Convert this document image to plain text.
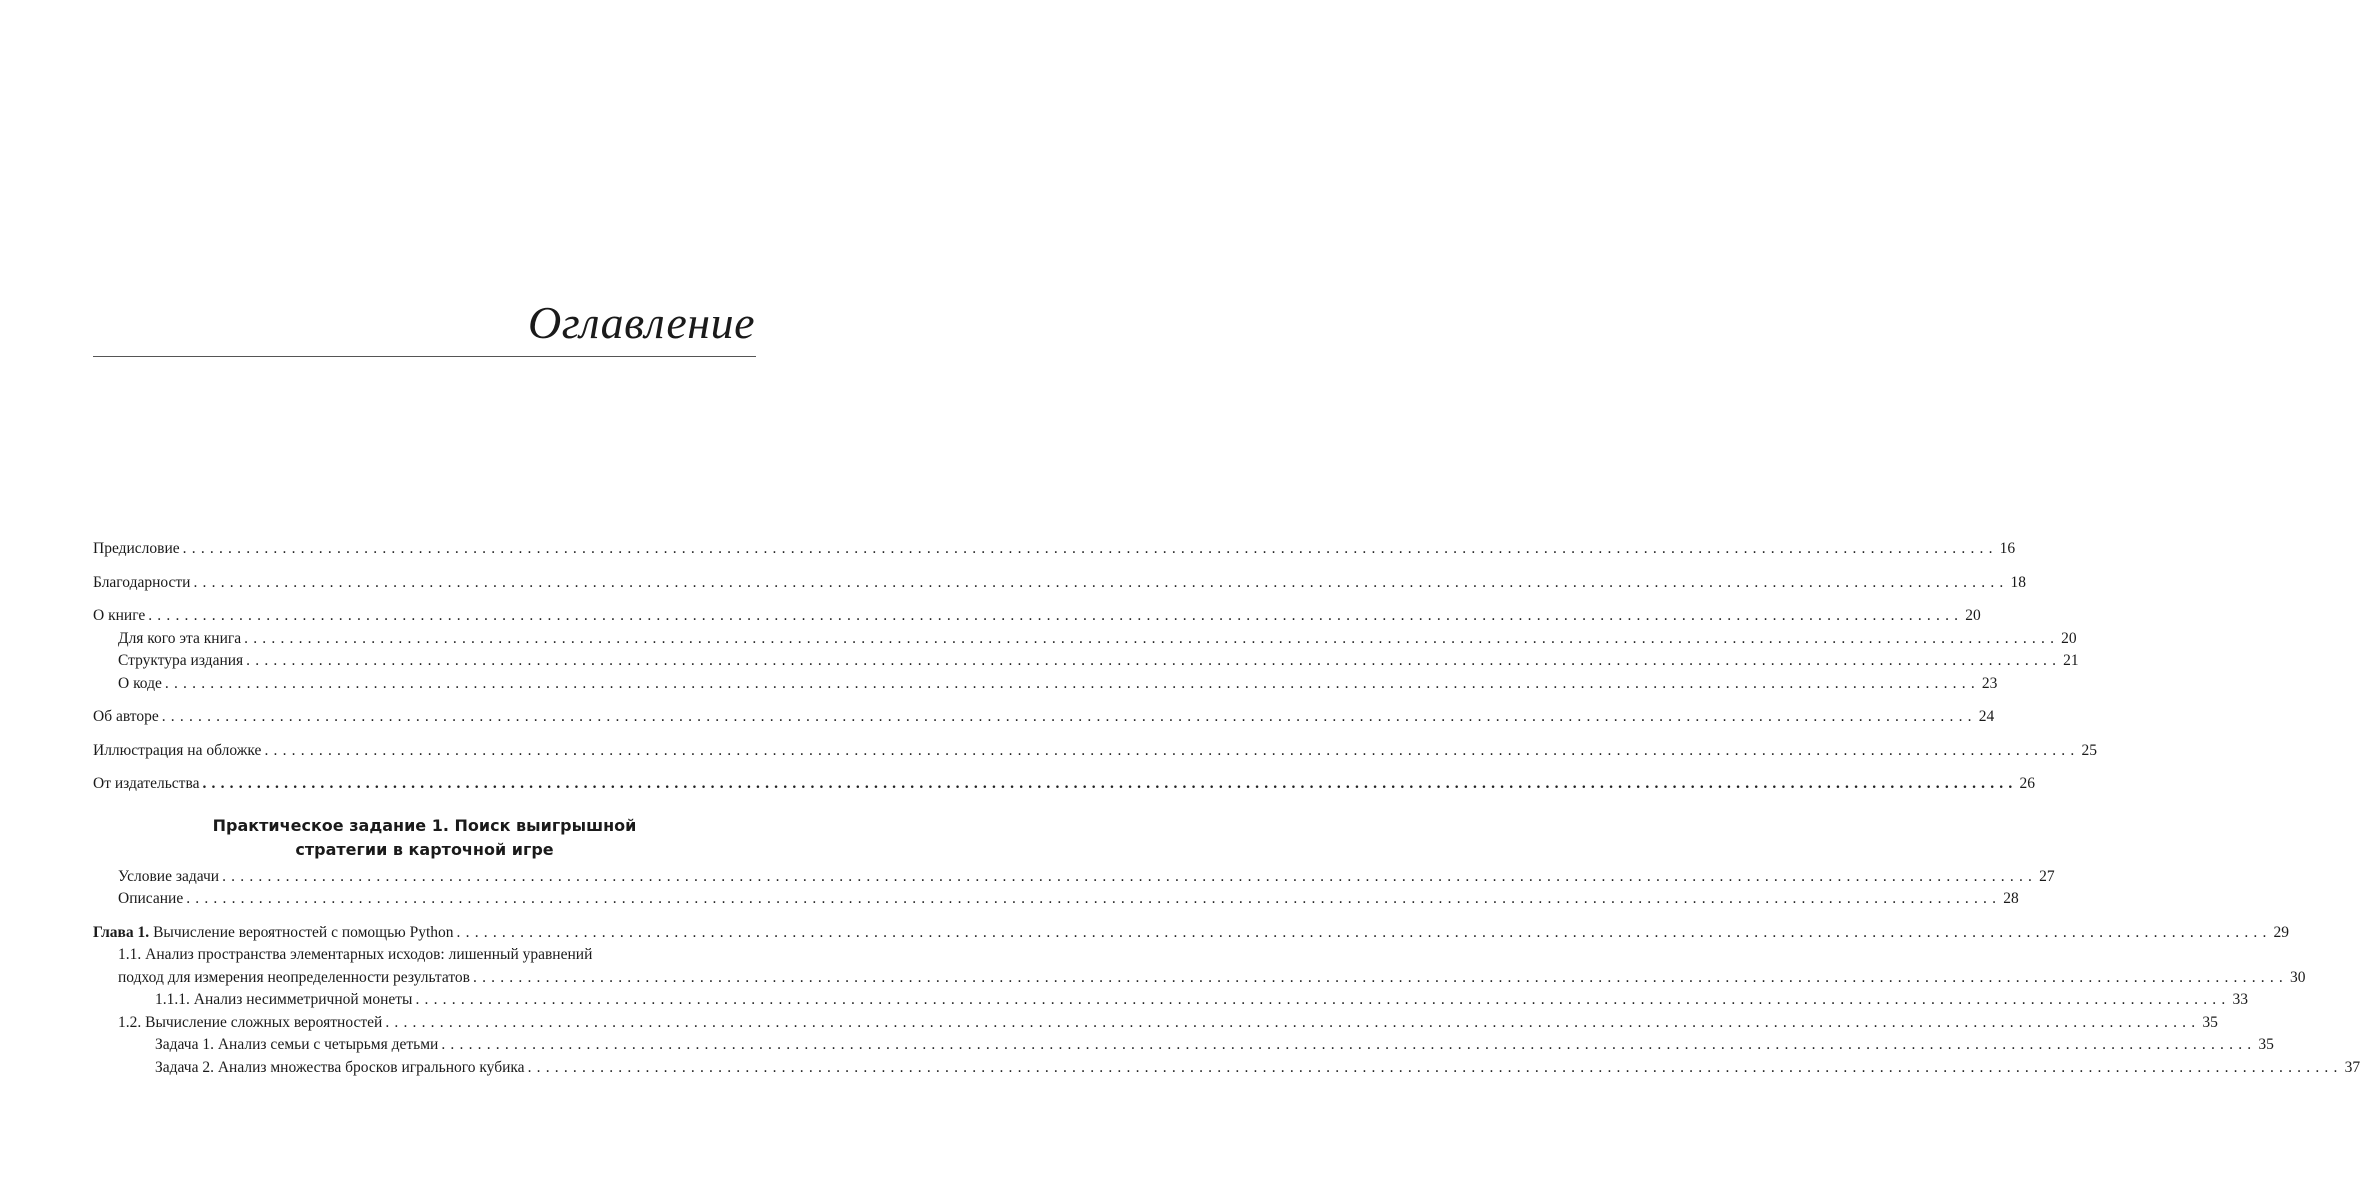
Оглавление
Предисловие ........................................................................................................................................................................................................ 16
Благодарности ........................................................................................................................................................................................................ 18
О книге ........................................................................................................................................................................................................ 20
Для кого эта книга ........................................................................................................................................................................................................ 20
Структура издания ........................................................................................................................................................................................................ 21
О коде ........................................................................................................................................................................................................ 23
Об авторе ........................................................................................................................................................................................................ 24
Иллюстрация на обложке ........................................................................................................................................................................................................ 25
От издательства ........................................................................................................................................................................................................ 26
Практическое задание 1. Поиск выигрышной
стратегии в карточной игре
Условие задачи ........................................................................................................................................................................................................ 27
Описание ........................................................................................................................................................................................................ 28
Глава 1. Вычисление вероятностей с помощью Python ........................................................................................................................................................................................................ 29
1.1. Анализ пространства элементарных исходов: лишенный уравнений
подход для измерения неопределенности результатов ........................................................................................................................................................................................................ 30
1.1.1. Анализ несимметричной монеты ........................................................................................................................................................................................................ 33
1.2. Вычисление сложных вероятностей ........................................................................................................................................................................................................ 35
Задача 1. Анализ семьи с четырьмя детьми ........................................................................................................................................................................................................ 35
Задача 2. Анализ множества бросков игрального кубика ........................................................................................................................................................................................................ 37
